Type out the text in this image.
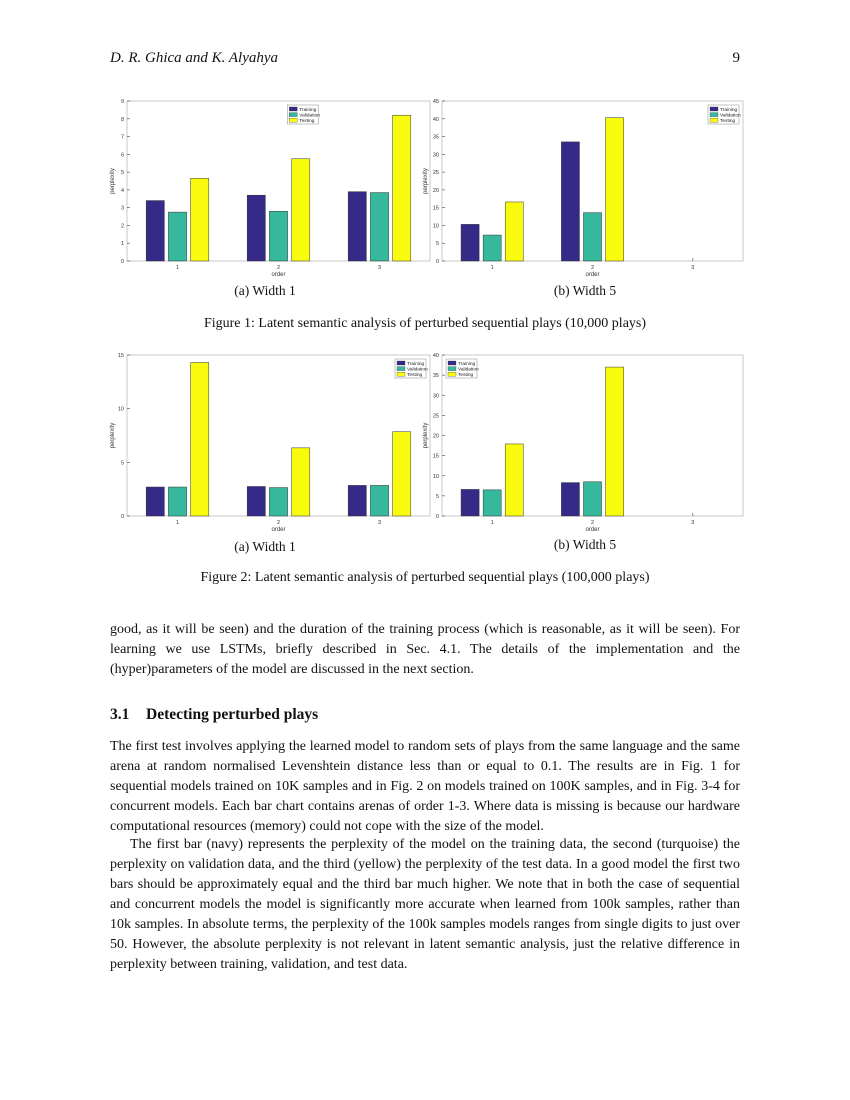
D. R. Ghica and K. Alyahya	9
0
1
2
3
4
5
6
7
8
9
1	2	3
order
perplexity
Training
Validation
Testing
0
5
10
15
20
25
30
35
40
45
1	2	3
order
perplexity
Training
Validation
Testing
(a) Width 1	(b) Width 5
Figure 1: Latent semantic analysis of perturbed sequential plays (10,000 plays)
0
5
10
15
1	2	3
order
perplexity
Training
Validation
Testing
0
5
10
15
20
25
30
35
40
1	2	3
order
perplexity
Training
Validation
Testing
(a) Width 1	(b) Width 5
Figure 2: Latent semantic analysis of perturbed sequential plays (100,000 plays)

good, as it will be seen) and the duration of the training process (which is reasonable, as it will be seen). For learning we use LSTMs, briefly described in Sec. 4.1. The details of the implementation and the (hyper)parameters of the model are discussed in the next section.

3.1 Detecting perturbed plays

The first test involves applying the learned model to random sets of plays from the same language and the same arena at random normalised Levenshtein distance less than or equal to 0.1. The results are in Fig. 1 for sequential models trained on 10K samples and in Fig. 2 on models trained on 100K samples, and in Fig. 3-4 for concurrent models. Each bar chart contains arenas of order 1-3. Where data is missing is because our hardware computational resources (memory) could not cope with the size of the model.

The first bar (navy) represents the perplexity of the model on the training data, the second (turquoise) the perplexity on validation data, and the third (yellow) the perplexity of the test data. In a good model the first two bars should be approximately equal and the third bar much higher. We note that in both the case of sequential and concurrent models the model is significantly more accurate when learned from 100k samples, rather than 10k samples. In absolute terms, the perplexity of the 100k samples models ranges from single digits to just over 50. However, the absolute perplexity is not relevant in latent semantic analysis, just the relative difference in perplexity between training, validation, and test data.
